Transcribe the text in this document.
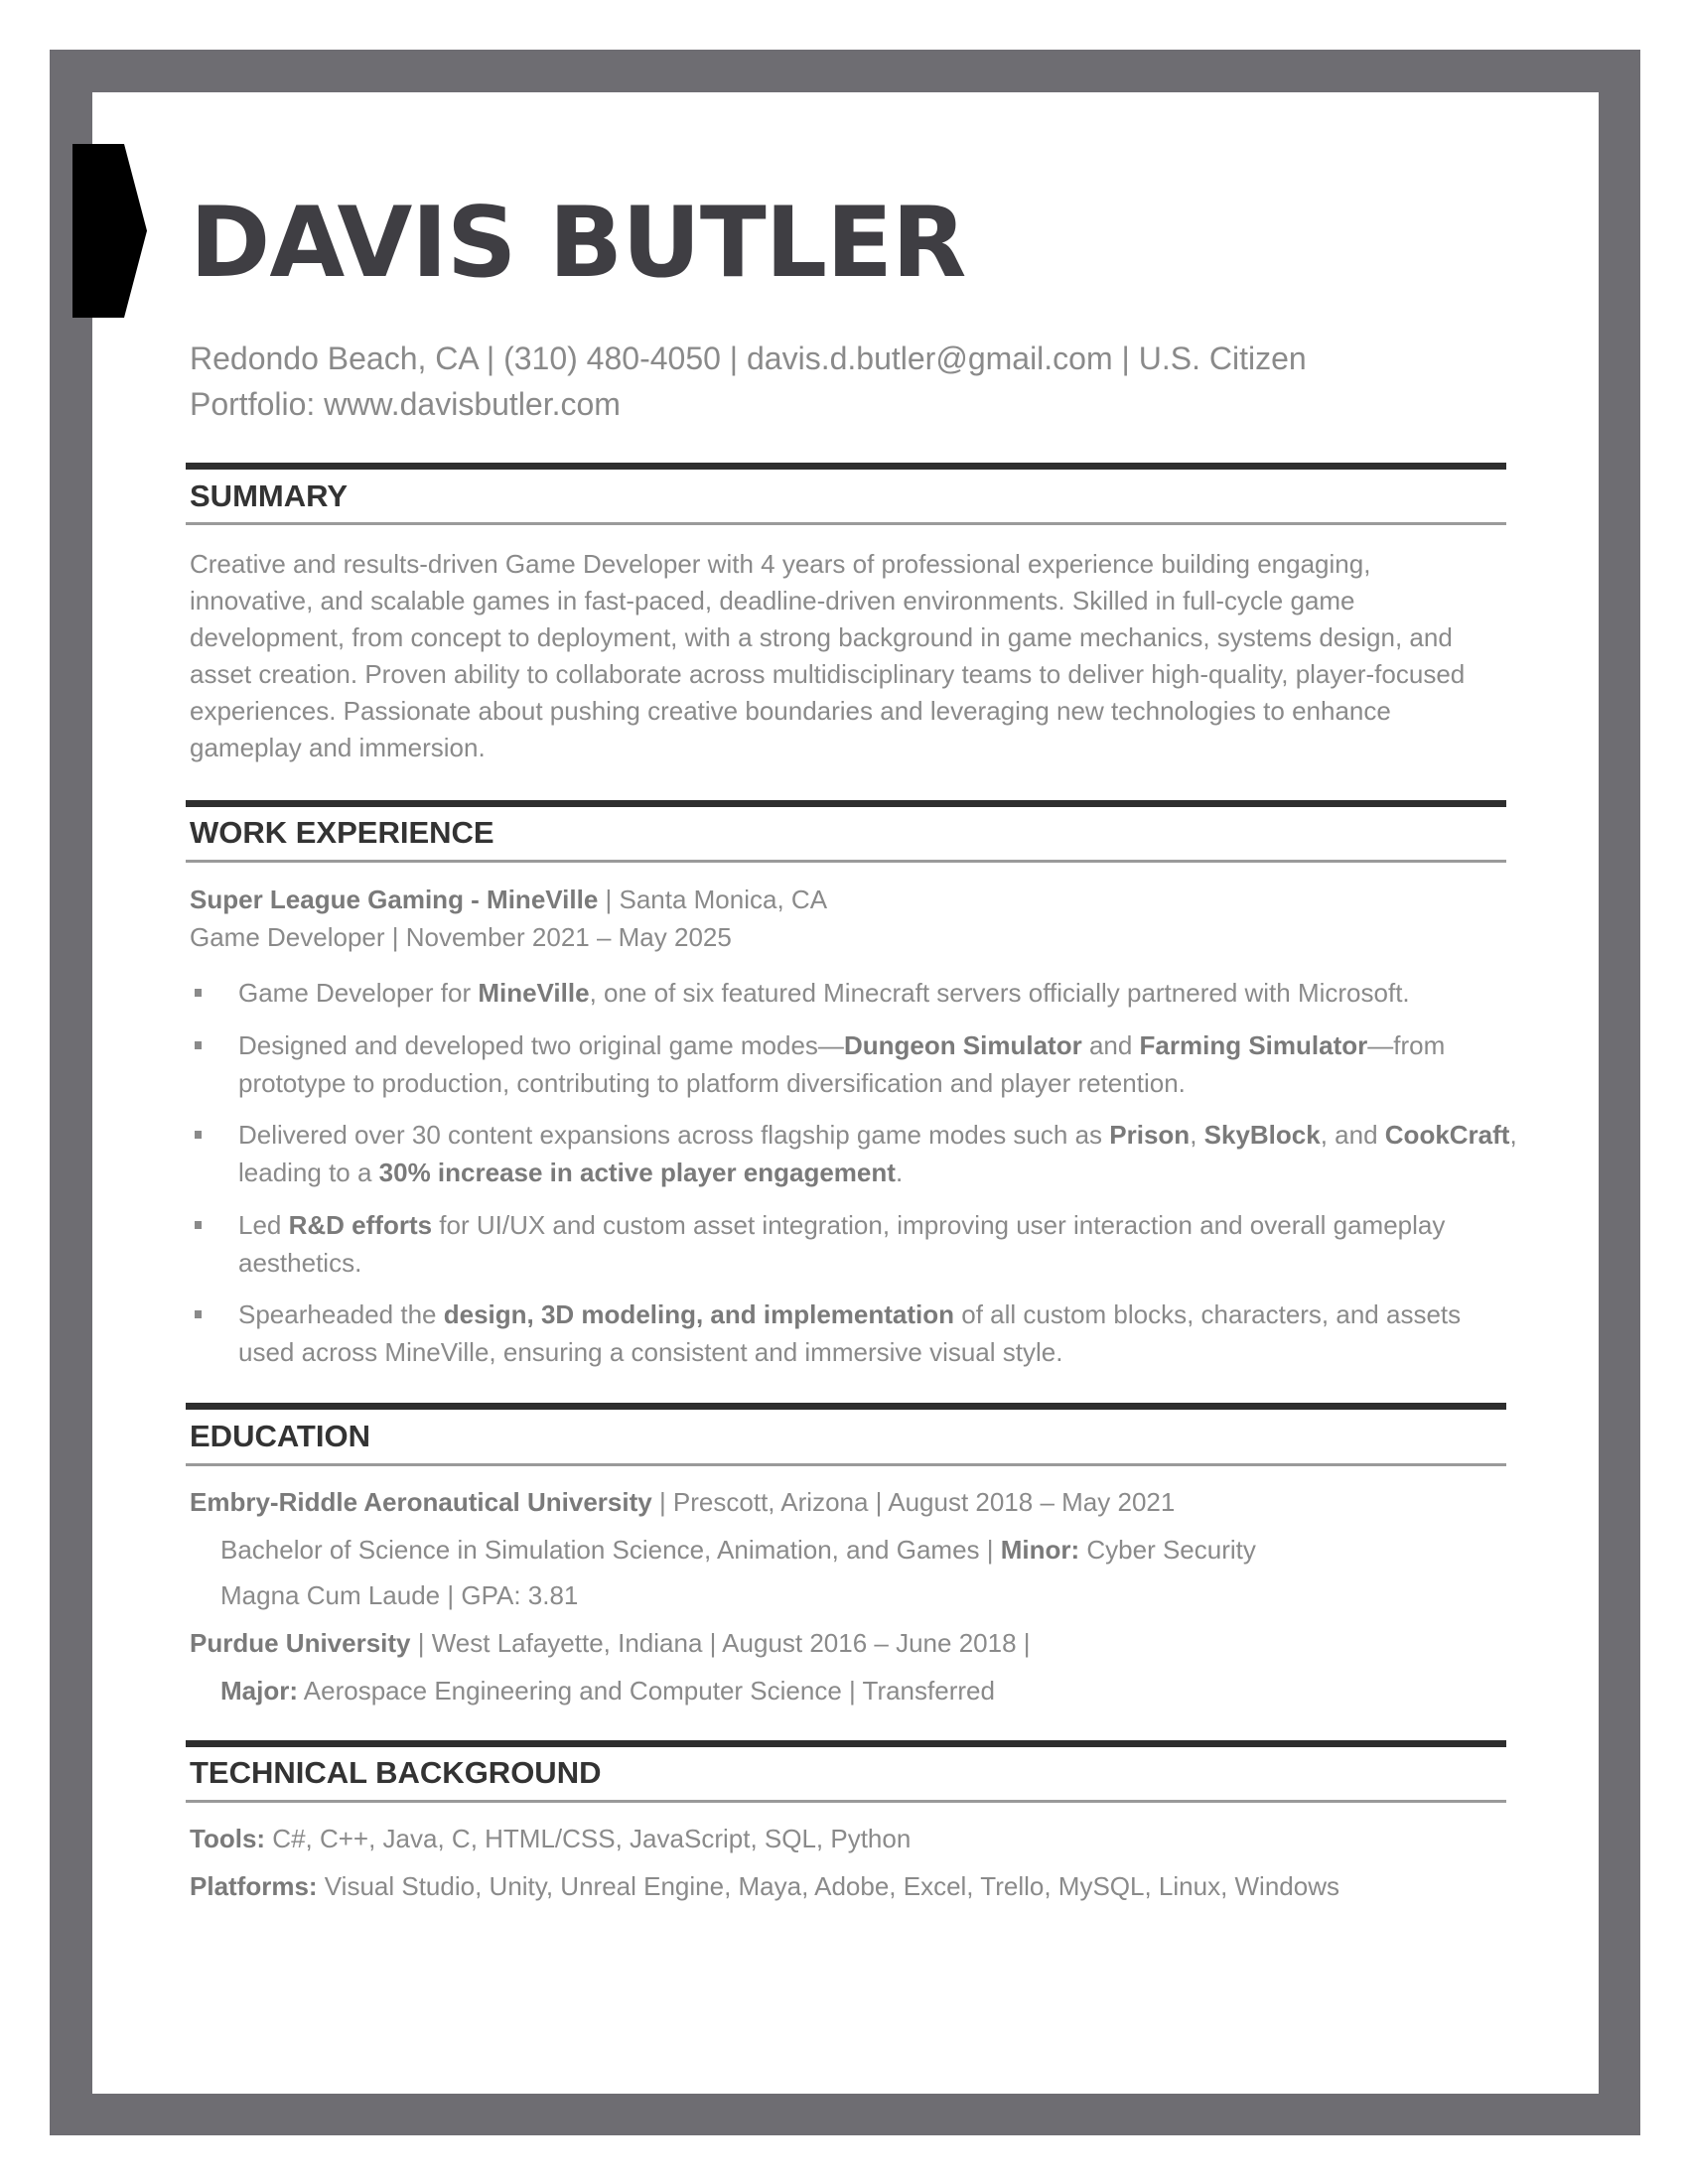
DAVIS BUTLER
Redondo Beach, CA | (310) 480-4050 | davis.d.butler@gmail.com | U.S. Citizen
Portfolio: www.davisbutler.com
SUMMARY
Creative and results-driven Game Developer with 4 years of professional experience building engaging, innovative, and scalable games in fast-paced, deadline-driven environments. Skilled in full-cycle game development, from concept to deployment, with a strong background in game mechanics, systems design, and asset creation. Proven ability to collaborate across multidisciplinary teams to deliver high-quality, player-focused experiences. Passionate about pushing creative boundaries and leveraging new technologies to enhance gameplay and immersion.
WORK EXPERIENCE
Super League Gaming - MineVille | Santa Monica, CA
Game Developer | November 2021 – May 2025
Game Developer for MineVille, one of six featured Minecraft servers officially partnered with Microsoft.
Designed and developed two original game modes—Dungeon Simulator and Farming Simulator—from prototype to production, contributing to platform diversification and player retention.
Delivered over 30 content expansions across flagship game modes such as Prison, SkyBlock, and CookCraft, leading to a 30% increase in active player engagement.
Led R&D efforts for UI/UX and custom asset integration, improving user interaction and overall gameplay aesthetics.
Spearheaded the design, 3D modeling, and implementation of all custom blocks, characters, and assets used across MineVille, ensuring a consistent and immersive visual style.
EDUCATION
Embry-Riddle Aeronautical University | Prescott, Arizona | August 2018 – May 2021
Bachelor of Science in Simulation Science, Animation, and Games | Minor: Cyber Security
Magna Cum Laude | GPA: 3.81
Purdue University | West Lafayette, Indiana | August 2016 – June 2018 |
Major: Aerospace Engineering and Computer Science | Transferred
TECHNICAL BACKGROUND
Tools: C#, C++, Java, C, HTML/CSS, JavaScript, SQL, Python
Platforms: Visual Studio, Unity, Unreal Engine, Maya, Adobe, Excel, Trello, MySQL, Linux, Windows
